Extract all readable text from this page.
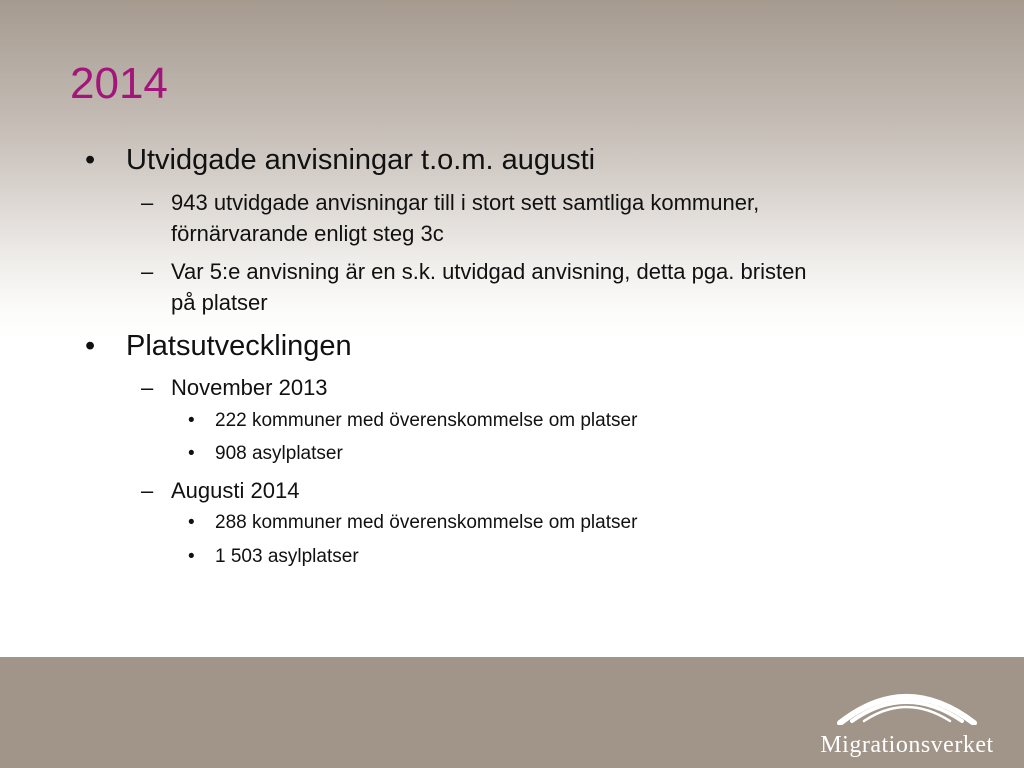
2014
• Utvidgade anvisningar t.o.m. augusti
– 943 utvidgade anvisningar till i stort sett samtliga kommuner,
förnärvarande enligt steg 3c
– Var 5:e anvisning är en s.k. utvidgad anvisning, detta pga. bristen
på platser
• Platsutvecklingen
– November 2013
• 222 kommuner med överenskommelse om platser
• 908 asylplatser
– Augusti 2014
• 288 kommuner med överenskommelse om platser
• 1 503 asylplatser
Migrationsverket
